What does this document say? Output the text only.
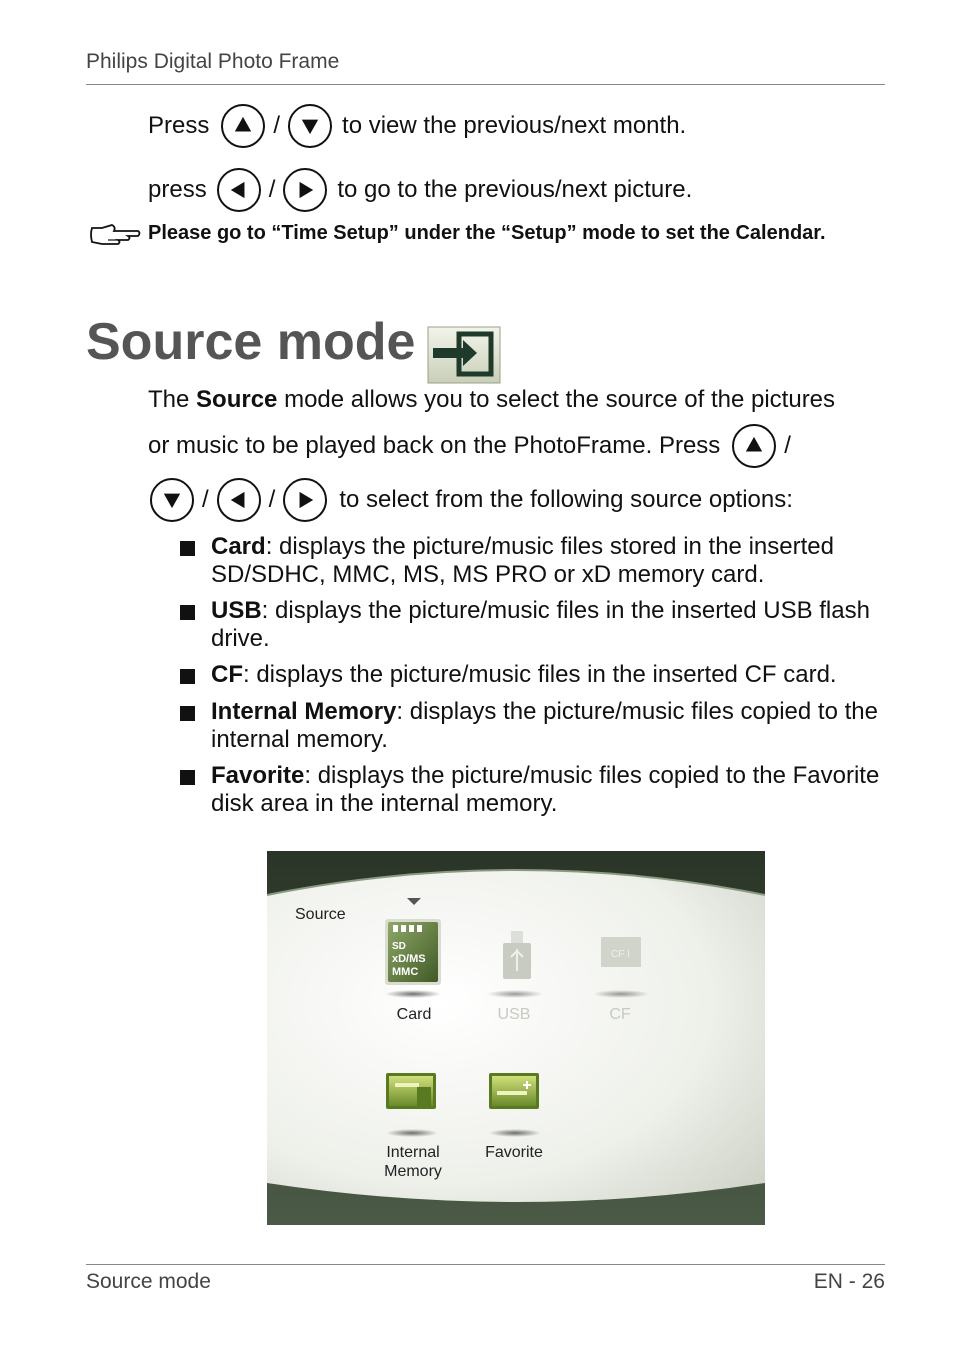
Philips Digital Photo Frame
Press	/	to view the previous/next month.
press	/	to go to the previous/next picture.
Please go to “Time Setup” under the “Setup” mode to set the Calendar.
Source mode
The Source mode allows you to select the source of the pictures
or music to be played back on the PhotoFrame. Press	/
/	/	to select from the following source options:
Card: displays the picture/music files stored in the inserted SD/SDHC, MMC, MS, MS PRO or xD memory card.
USB: displays the picture/music files in the inserted USB flash drive.
CF: displays the picture/music files in the inserted CF card.
Internal Memory: displays the picture/music files copied to the internal memory.
Favorite: displays the picture/music files copied to the Favorite disk area in the internal memory.
Source
SD
xD/MS
MMC
CF I
Card	USB	CF
Internal
Memory
Favorite
Source mode	EN - 26
